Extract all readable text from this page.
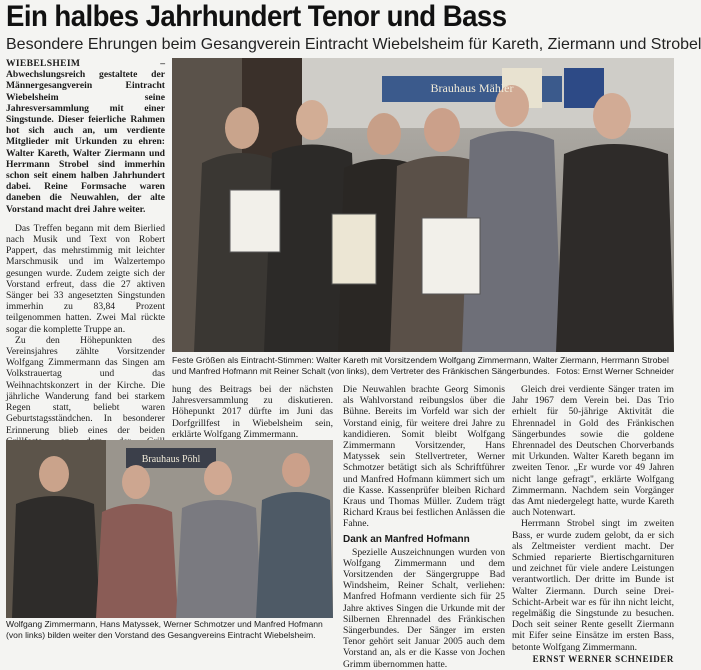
Ein halbes Jahrhundert Tenor und Bass
Besondere Ehrungen beim Gesangverein Eintracht Wiebelsheim für Kareth, Ziermann und Strobel

WIEBELSHEIM	– Abwechslungsreich gestaltete der Männergesangverein Eintracht Wiebelsheim seine Jahresversammlung mit einer Singstunde. Dieser feierliche Rahmen hot sich auch an, um verdiente Mitglieder mit Urkunden zu ehren: Walter Kareth, Walter Ziermann und Herrmann Strobel sind immerhin schon seit einem halben Jahrhundert dabei. Reine Formsache waren daneben die Neuwahlen, der alte Vorstand macht drei Jahre weiter.

Das Treffen begann mit dem Bierlied nach Musik und Text von Robert Pappert, das mehrstimmig mit leichter Marschmusik und im Walzertempo gesungen wurde. Zudem zeigte sich der Vorstand erfreut, dass die 27 aktiven Sänger bei 33 angesetzten Singstunden immerhin zu 83,84 Prozent teilgenommen hatten. Zwei Mal rückte sogar die komplette Truppe an.

Zu den Höhepunkten des Vereinsjahres zählte Vorsitzender Wolfgang Zimmermann das Singen am Volkstrauertag und das Weihnachtskonzert in der Kirche. Die jährliche Wanderung fand bei starkem Regen statt, beliebt waren Geburtstagsständchen. In besonderer Erinnerung blieb eines der beiden

Brauhaus Mähler
Feste Größen als Eintracht-Stimmen: Walter Kareth mit Vorsitzendem Wolfgang Zimmermann, Walter Ziermann, Herrmann Strobel und Manfred Hofmann mit Reiner Schalt (von links), dem Vertreter des Fränkischen Sängerbundes. Fotos: Ernst Werner Schneider

hung des Beitrags bei der nächsten Jahresversammlung zu diskutieren. Höhepunkt 2017 dürfte im Juni das Dorfgrillfest in Wiebelsheim sein, erklärte Wolfgang Zimmermann.

Brauhaus Pöhl
Wolfgang Zimmermann, Hans Matyssek, Werner Schmotzer und Manfred Hofmann (von links) bilden weiter den Vorstand des Gesangvereins Eintracht Wiebelsheim.

Die Neuwahlen brachte Georg Simonis als Wahlvorstand reibungslos über die Bühne. Bereits im Vorfeld war sich der Vorstand einig, für weitere drei Jahre zu kandidieren. Somit bleibt Wolfgang Zimmermann Vorsitzender, Hans Matyssek sein Stellvertreter, Werner Schmotzer betätigt sich als Schriftführer und Manfred Hofmann kümmert sich um die Kasse. Kassenprüfer bleiben Richard Kraus und Thomas Müller. Zudem trägt Richard Kraus bei festlichen Anlässen die Fahne.

Dank an Manfred Hofmann

Spezielle Auszeichnungen wurden von Wolfgang Zimmermann und dem Vorsitzenden der Sängergruppe Bad Windsheim, Reiner Schalt, verliehen: Manfred Hofmann verdiente sich für 25 Jahre aktives Singen die Urkunde mit der Silbernen Ehrennadel des Fränkischen Sängerbundes. Der Sänger im ersten Tenor gehört seit Januar 2005 auch dem Vorstand an, als er die Kasse von Jochen Grimm übernommen hatte.

Gleich drei verdiente Sänger traten im Jahr 1967 dem Verein bei. Das Trio erhielt für 50-jährige Aktivität die Ehrennadel in Gold des Fränkischen Sängerbundes sowie die goldene Ehrennadel des Deutschen Chorverbands mit Urkunden. Walter Kareth begann im zweiten Tenor. „Er wurde vor 49 Jahren nicht lange gefragt", erklärte Wolfgang Zimmermann. Nachdem sein Vorgänger das Amt niedergelegt hatte, wurde Kareth auch Notenwart.

Herrmann Strobel singt im zweiten Bass, er wurde zudem gelobt, da er sich als Zeltmeister verdient macht. Der Schmied reparierte Biertischgarnituren und zeichnet für viele andere Leistungen verantwortlich. Der dritte im Bunde ist Walter Ziermann. Durch seine Drei-Schicht-Arbeit war es für ihn nicht leicht, regelmäßig die Singstunde zu besuchen. Doch seit seiner Rente gesellt Ziermann mit Eifer seine Einsätze im ersten Bass, betonte Wolfgang Zimmermann.

ERNST WERNER SCHNEIDER
